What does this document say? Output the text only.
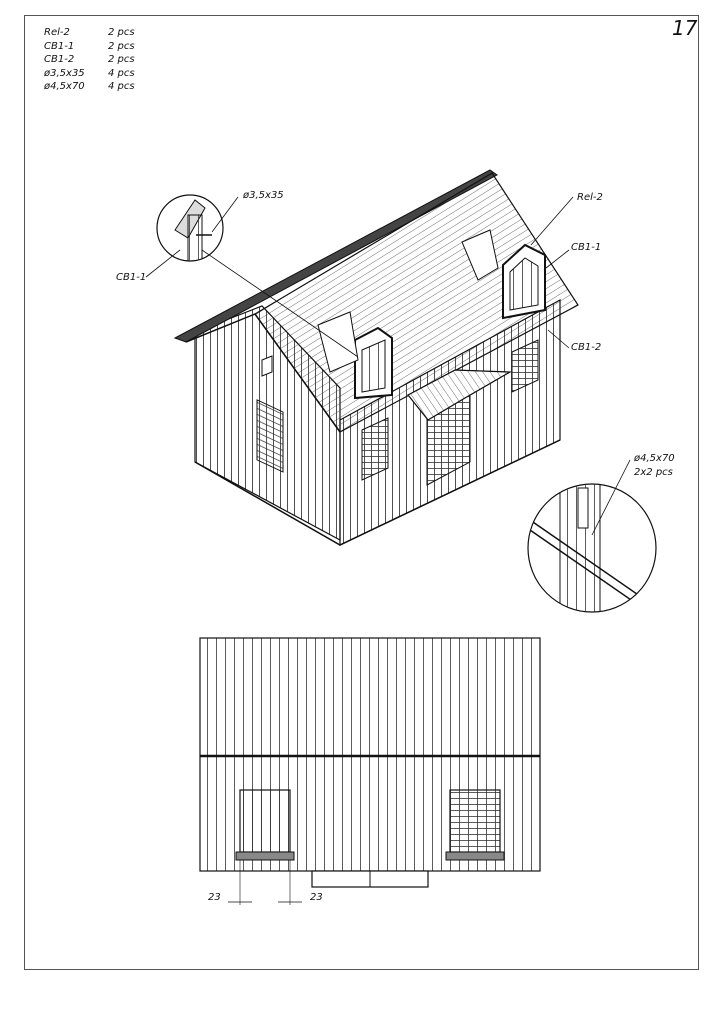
17
Rel-2	2 pcs
CB1-1	2 pcs
CB1-2	2 pcs
ø3,5x35	4 pcs
ø4,5x70	4 pcs
ø3,5x35
CB1-1
Rel-2
CB1-1
CB1-2
ø4,5x70
2x2 pcs
23	23
